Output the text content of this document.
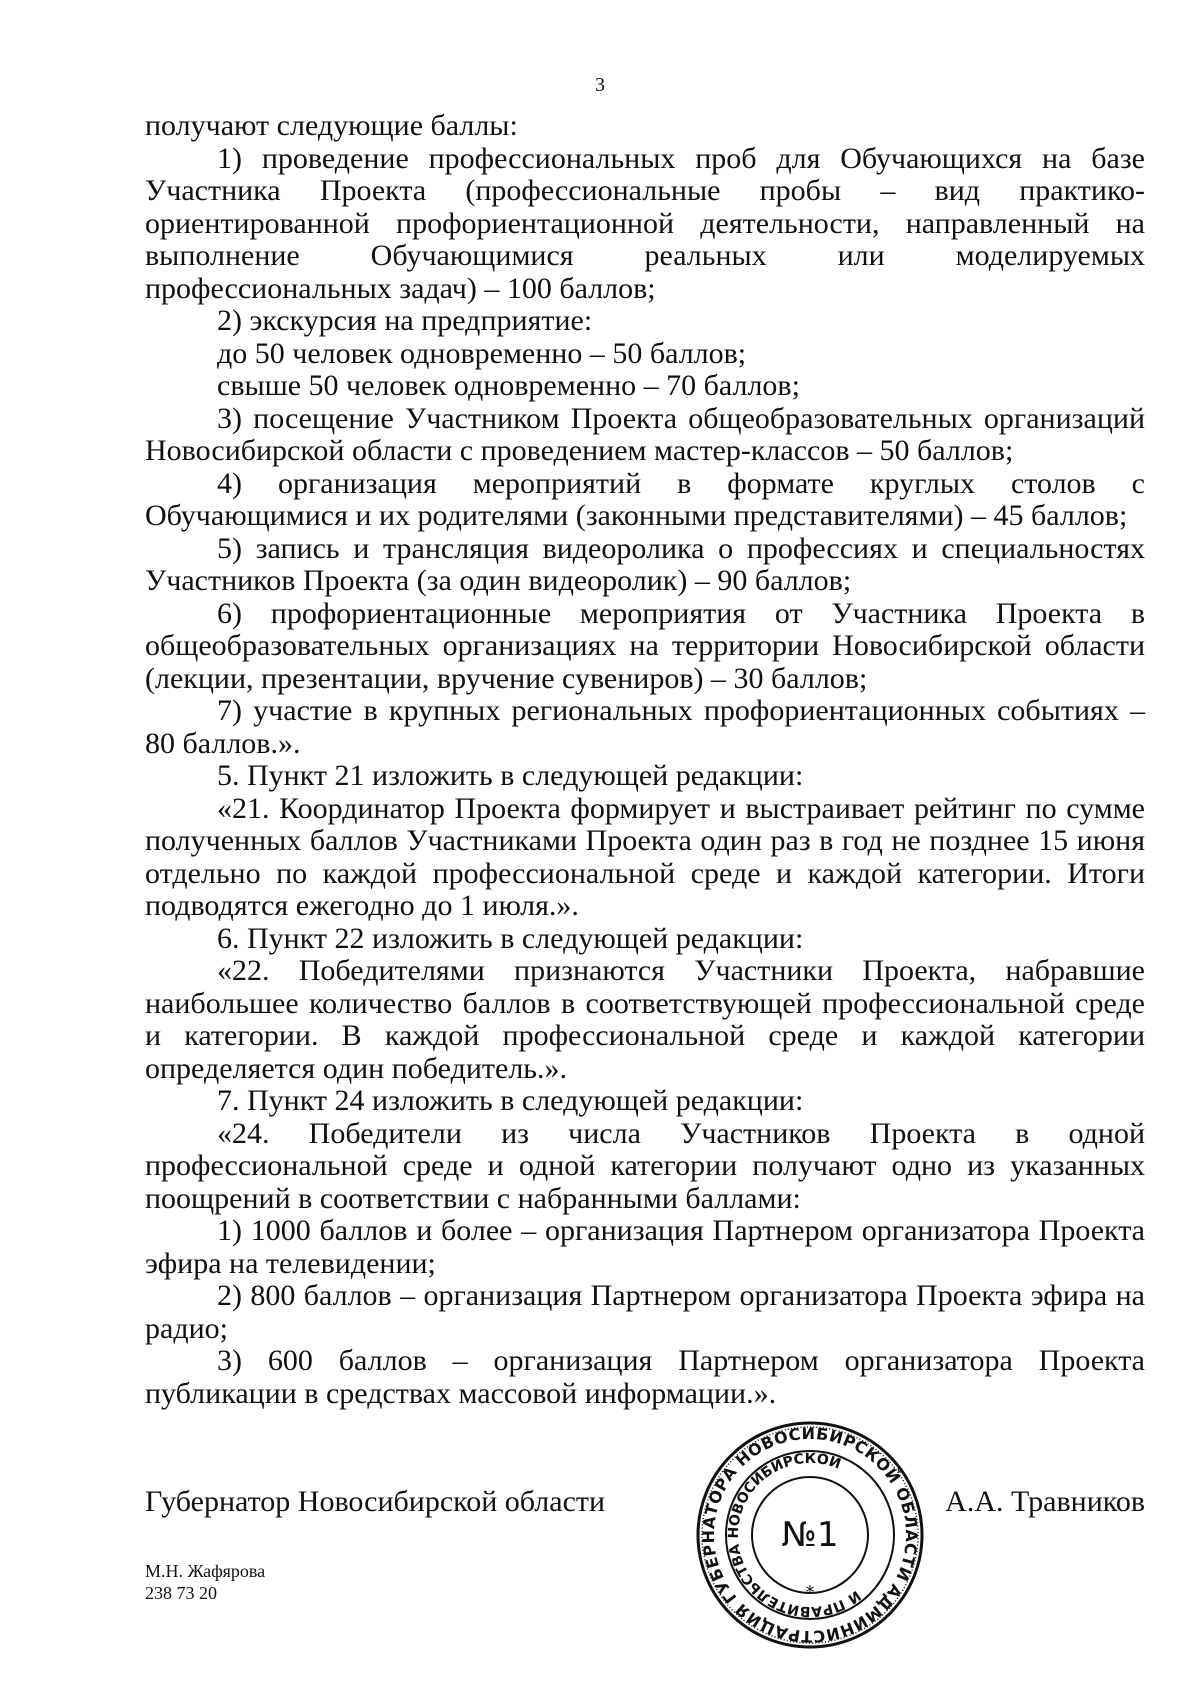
3

получают следующие баллы:

1) проведение профессиональных проб для Обучающихся на базе Участника Проекта (профессиональные пробы – вид практико-ориентированной профориентационной деятельности, направленный на выполнение Обучающимися реальных или моделируемых профессиональных задач) – 100 баллов;

2) экскурсия на предприятие:

до 50 человек одновременно – 50 баллов;

свыше 50 человек одновременно – 70 баллов;

3) посещение Участником Проекта общеобразовательных организаций Новосибирской области с проведением мастер-классов – 50 баллов;

4) организация мероприятий в формате круглых столов с Обучающимися и их родителями (законными представителями) – 45 баллов;

5) запись и трансляция видеоролика о профессиях и специальностях Участников Проекта (за один видеоролик) – 90 баллов;

6) профориентационные мероприятия от Участника Проекта в общеобразовательных организациях на территории Новосибирской области (лекции, презентации, вручение сувениров) – 30 баллов;

7) участие в крупных региональных профориентационных событиях – 80 баллов.».

5. Пункт 21 изложить в следующей редакции:

«21. Координатор Проекта формирует и выстраивает рейтинг по сумме полученных баллов Участниками Проекта один раз в год не позднее 15 июня отдельно по каждой профессиональной среде и каждой категории. Итоги подводятся ежегодно до 1 июля.».

6. Пункт 22 изложить в следующей редакции:

«22. Победителями признаются Участники Проекта, набравшие наибольшее количество баллов в соответствующей профессиональной среде и категории. В каждой профессиональной среде и каждой категории определяется один победитель.».

7. Пункт 24 изложить в следующей редакции:

«24. Победители из числа Участников Проекта в одной профессиональной среде и одной категории получают одно из указанных поощрений в соответствии с набранными баллами:

1) 1000 баллов и более – организация Партнером организатора Проекта эфира на телевидении;

2) 800 баллов – организация Партнером организатора Проекта эфира на радио;

3) 600 баллов – организация Партнером организатора Проекта публикации в средствах массовой информации.».

Губернатор Новосибирской области	А.А. Травников
М.Н. Жафярова
238 73 20	АДМИНИСТРАЦИЯ ГУБЕРНАТОРА НОВОСИБИРСКОЙ ОБЛАСТИ
И ПРАВИТЕЛЬСТВА НОВОСИБИРСКОЙ
№1
*
